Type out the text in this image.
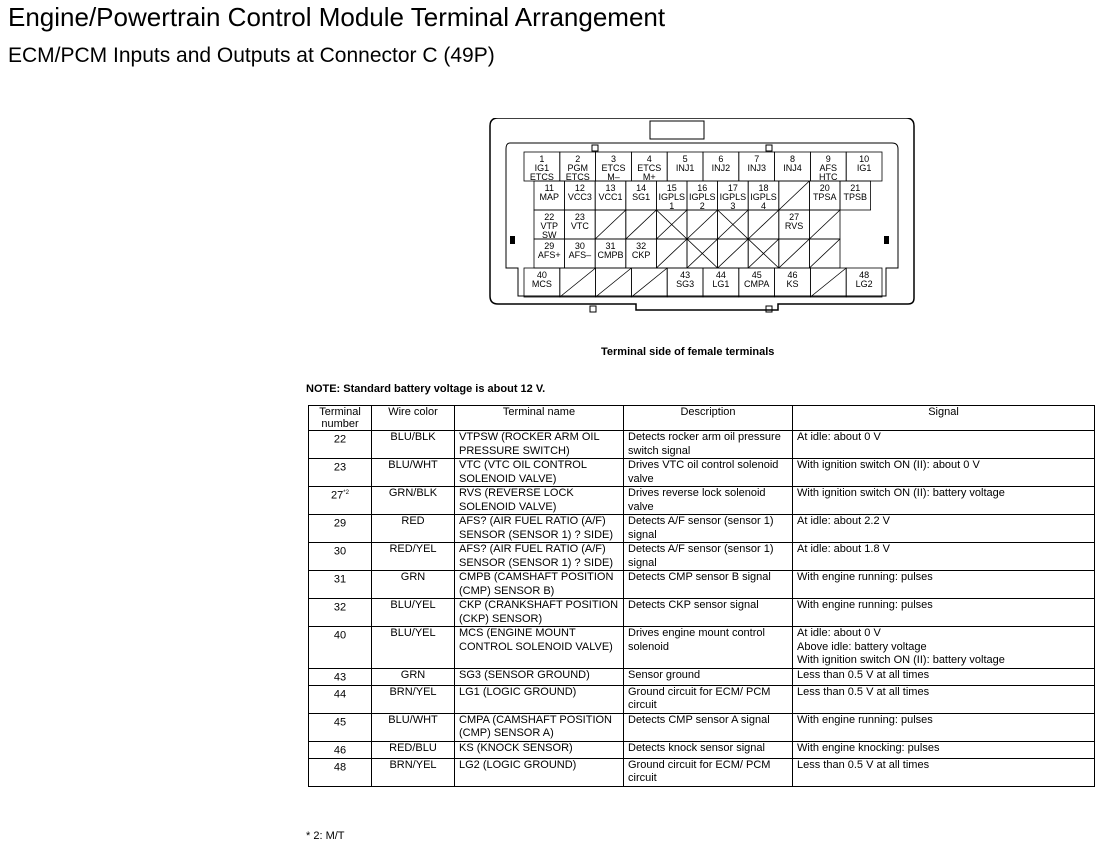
Engine/Powertrain Control Module Terminal Arrangement
ECM/PCM Inputs and Outputs at Connector C (49P)
1
IG1
ETCS
2
PGM
ETCS
3
ETCS
M–
4
ETCS
M+
5
INJ1
6
INJ2
7
INJ3
8
INJ4
9
AFS
HTC
10
IG1
11
MAP
12
VCC3
13
VCC1
14
SG1
15
IGPLS
1
16
IGPLS
2
17
IGPLS
3
18
IGPLS
4
20
TPSA
21
TPSB
22
VTP
SW
23
VTC
27
RVS
29
AFS+
30
AFS–
31
CMPB
32
CKP
40
MCS
43
SG3
44
LG1
45
CMPA
46
KS
48
LG2
Terminal side of female terminals
NOTE: Standard battery voltage is about 12 V.
Terminal number	Wire color	Terminal name	Description	Signal
22	BLU/BLK	VTPSW (ROCKER ARM OIL PRESSURE SWITCH)	Detects rocker arm oil pressure switch signal	At idle: about 0 V
23	BLU/WHT	VTC (VTC OIL CONTROL SOLENOID VALVE)	Drives VTC oil control solenoid valve	With ignition switch ON (II): about 0 V
27$^{*2}$	GRN/BLK	RVS (REVERSE LOCK SOLENOID VALVE)	Drives reverse lock solenoid valve	With ignition switch ON (II): battery voltage
29	RED	AFS? (AIR FUEL RATIO (A/F) SENSOR (SENSOR 1) ? SIDE)	Detects A/F sensor (sensor 1) signal	At idle: about 2.2 V
30	RED/YEL	AFS? (AIR FUEL RATIO (A/F) SENSOR (SENSOR 1) ? SIDE)	Detects A/F sensor (sensor 1) signal	At idle: about 1.8 V
31	GRN	CMPB (CAMSHAFT POSITION (CMP) SENSOR B)	Detects CMP sensor B signal	With engine running: pulses
32	BLU/YEL	CKP (CRANKSHAFT POSITION (CKP) SENSOR)	Detects CKP sensor signal	With engine running: pulses
40	BLU/YEL	MCS (ENGINE MOUNT CONTROL SOLENOID VALVE)	Drives engine mount control solenoid	At idle: about 0 V
Above idle: battery voltage
With ignition switch ON (II): battery voltage
43	GRN	SG3 (SENSOR GROUND)	Sensor ground	Less than 0.5 V at all times
44	BRN/YEL	LG1 (LOGIC GROUND)	Ground circuit for ECM/ PCM circuit	Less than 0.5 V at all times
45	BLU/WHT	CMPA (CAMSHAFT POSITION (CMP) SENSOR A)	Detects CMP sensor A signal	With engine running: pulses
46	RED/BLU	KS (KNOCK SENSOR)	Detects knock sensor signal	With engine knocking: pulses
48	BRN/YEL	LG2 (LOGIC GROUND)	Ground circuit for ECM/ PCM circuit	Less than 0.5 V at all times
* 2: M/T
